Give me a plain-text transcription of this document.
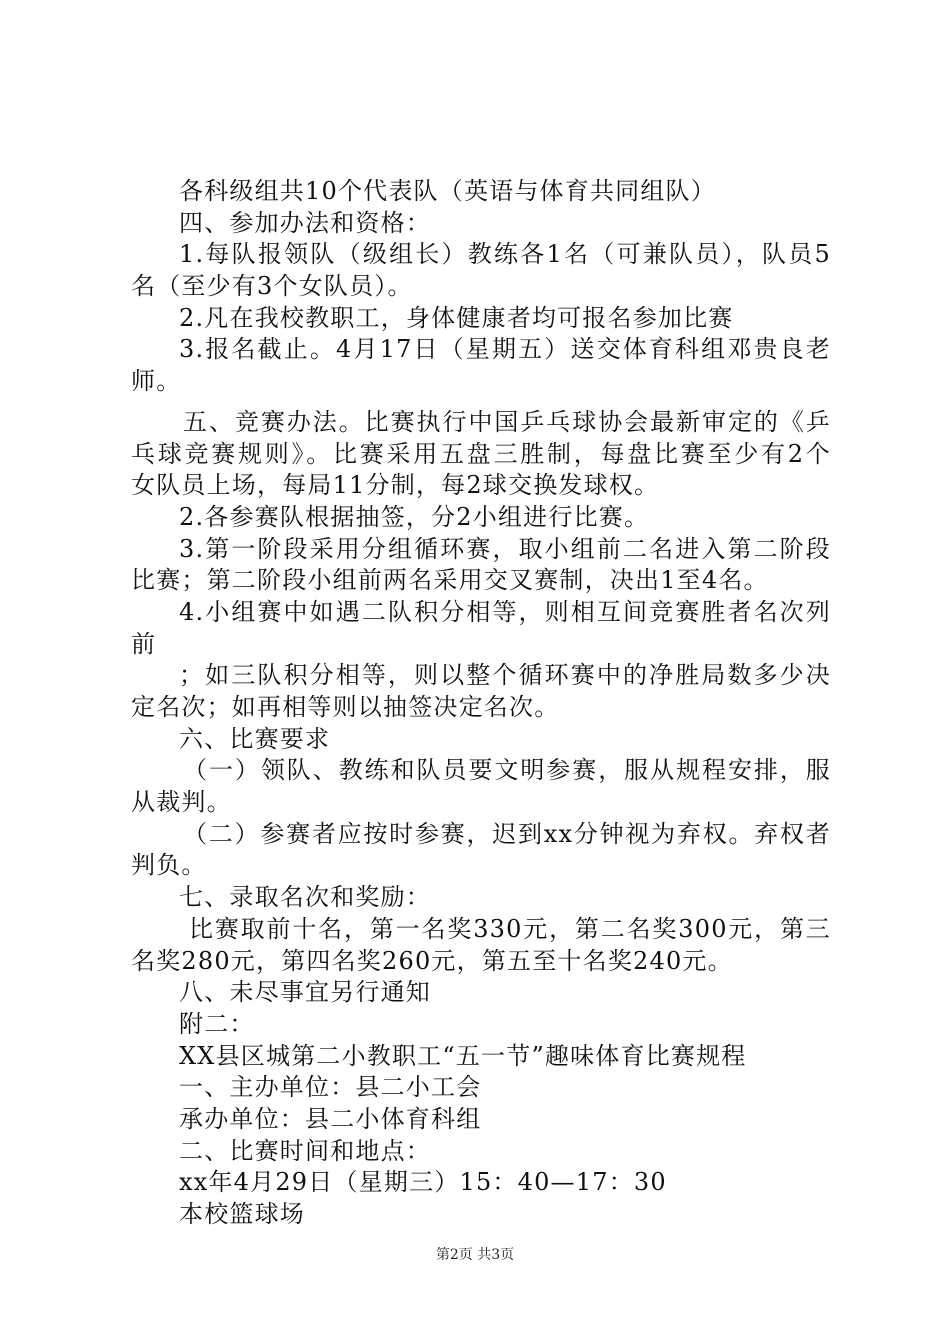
各科级组共10个代表队（英语与体育共同组队）
四、参加办法和资格：
1.每队报领队（级组长）教练各1名（可兼队员），队员5
名（至少有3个女队员）。
2.凡在我校教职工，身体健康者均可报名参加比赛
3.报名截止。4月17日（星期五）送交体育科组邓贵良老
师。
五、竞赛办法。比赛执行中国乒乓球协会最新审定的《乒
乓球竞赛规则》。比赛采用五盘三胜制，每盘比赛至少有2个
女队员上场，每局11分制，每2球交换发球权。
2.各参赛队根据抽签，分2小组进行比赛。
3.第一阶段采用分组循环赛，取小组前二名进入第二阶段
比赛；第二阶段小组前两名采用交叉赛制，决出1至4名。
4.小组赛中如遇二队积分相等，则相互间竞赛胜者名次列
前
；如三队积分相等，则以整个循环赛中的净胜局数多少决
定名次；如再相等则以抽签决定名次。
六、比赛要求
（一）领队、教练和队员要文明参赛，服从规程安排，服
从裁判。
（二）参赛者应按时参赛，迟到xx分钟视为弃权。弃权者
判负。
七、录取名次和奖励：
比赛取前十名，第一名奖330元，第二名奖300元，第三
名奖280元，第四名奖260元，第五至十名奖240元。
八、未尽事宜另行通知
附二：
XX县区城第二小教职工“五一节”趣味体育比赛规程
一、主办单位：县二小工会
承办单位：县二小体育科组
二、比赛时间和地点：
xx年4月29日（星期三）15：40—17：30
本校篮球场
第2页 共3页
